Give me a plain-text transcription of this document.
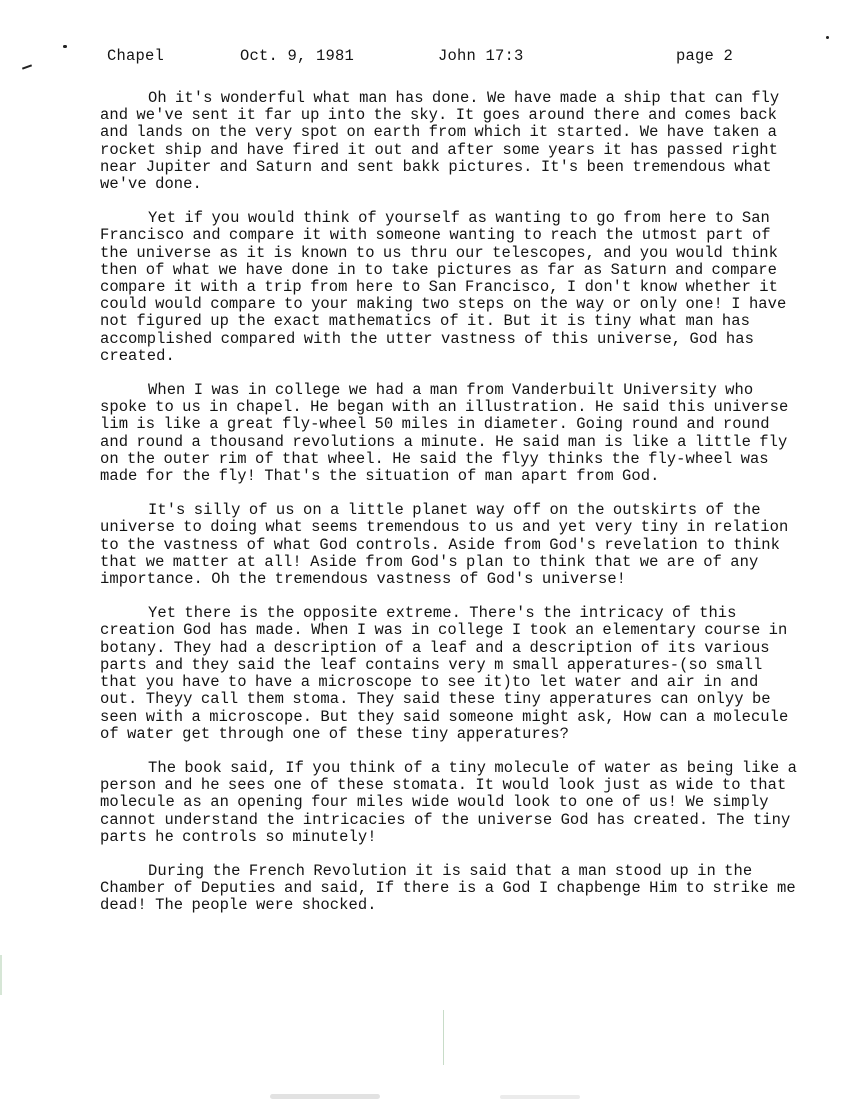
Chapel	Oct. 9, 1981	John 17:3	page 2

Oh it's wonderful what man has done. We have made a ship that can fly and we've sent it far up into the sky. It goes around there and comes back and lands on the very spot on earth from which it started. We have taken a rocket ship and have fired it out and after some years it has passed right near Jupiter and Saturn and sent bakk pictures. It's been tremendous what we've done.

Yet if you would think of yourself as wanting to go from here to San Francisco and compare it with someone wanting to reach the utmost part of the universe as it is known to us thru our telescopes, and you would think then of what we have done in to take pictures as far as Saturn and compare compare it with a trip from here to San Francisco, I don't know whether it could would compare to your making two steps on the way or only one! I have not figured up the exact mathematics of it. But it is tiny what man has accomplished compared with the utter vastness of this universe, God has created.

When I was in college we had a man from Vanderbuilt University who spoke to us in chapel. He began with an illustration. He said this universe lim is like a great fly-wheel 50 miles in diameter. Going round and round and round a thousand revolutions a minute. He said man is like a little fly on the outer rim of that wheel. He said the flyy thinks the fly-wheel was made for the fly! That's the situation of man apart from God.

It's silly of us on a little planet way off on the outskirts of the universe to doing what seems tremendous to us and yet very tiny in relation to the vastness of what God controls. Aside from God's revelation to think that we matter at all! Aside from God's plan to think that we are of any importance. Oh the tremendous vastness of God's universe!

Yet there is the opposite extreme. There's the intricacy of this creation God has made. When I was in college I took an elementary course in botany. They had a description of a leaf and a description of its various parts and they said the leaf contains very m small apperatures-(so small that you have to have a microscope to see it)to let water and air in and out. Theyy call them stoma. They said these tiny apperatures can onlyy be seen with a microscope. But they said someone might ask, How can a molecule of water get through one of these tiny apperatures?

The book said, If you think of a tiny molecule of water as being like a person and he sees one of these stomata. It would look just as wide to that molecule as an opening four miles wide would look to one of us! We simply cannot understand the intricacies of the universe God has created. The tiny parts he controls so minutely!

During the French Revolution it is said that a man stood up in the Chamber of Deputies and said, If there is a God I chapbenge Him to strike me dead! The people were shocked.
